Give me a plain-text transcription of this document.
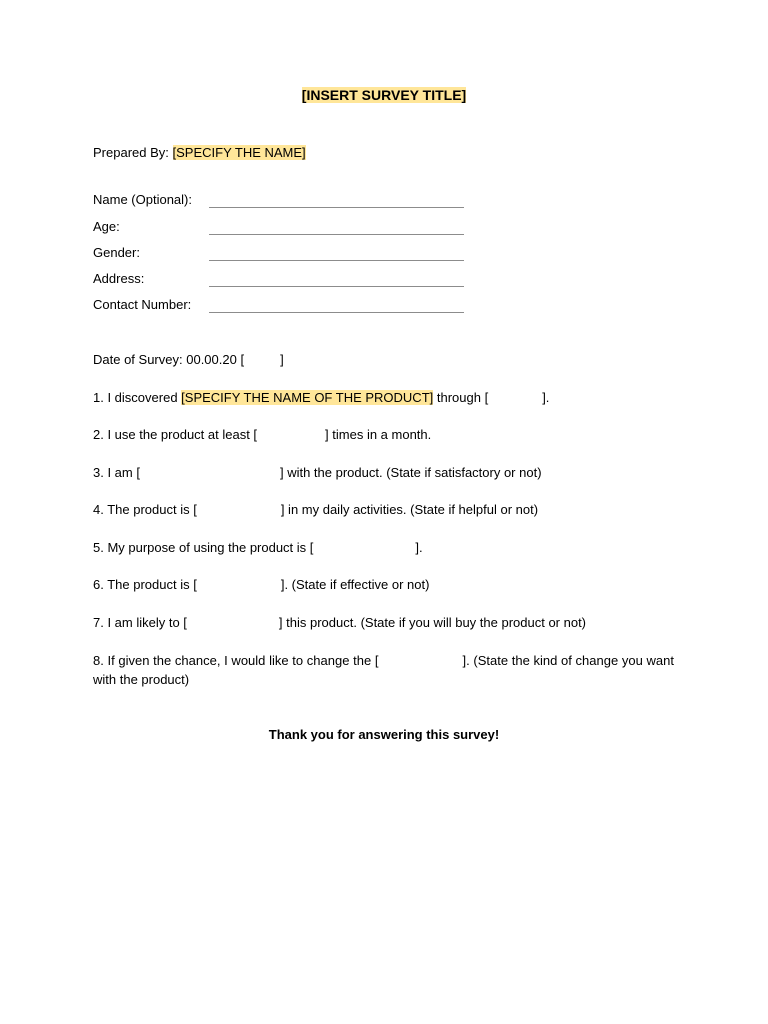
[INSERT SURVEY TITLE]
Prepared By: [SPECIFY THE NAME]
Name (Optional):
Age:
Gender:
Address:
Contact Number:
Date of Survey: 00.00.20 [	]
1. I discovered [SPECIFY THE NAME OF THE PRODUCT] through [	].
2. I use the product at least [	] times in a month.
3. I am [	] with the product. (State if satisfactory or not)
4. The product is [	] in my daily activities. (State if helpful or not)
5. My purpose of using the product is [	].
6. The product is [	]. (State if effective or not)
7. I am likely to [	] this product. (State if you will buy the product or not)
8. If given the chance, I would like to change the [	]. (State the kind of change you want with the product)
Thank you for answering this survey!
